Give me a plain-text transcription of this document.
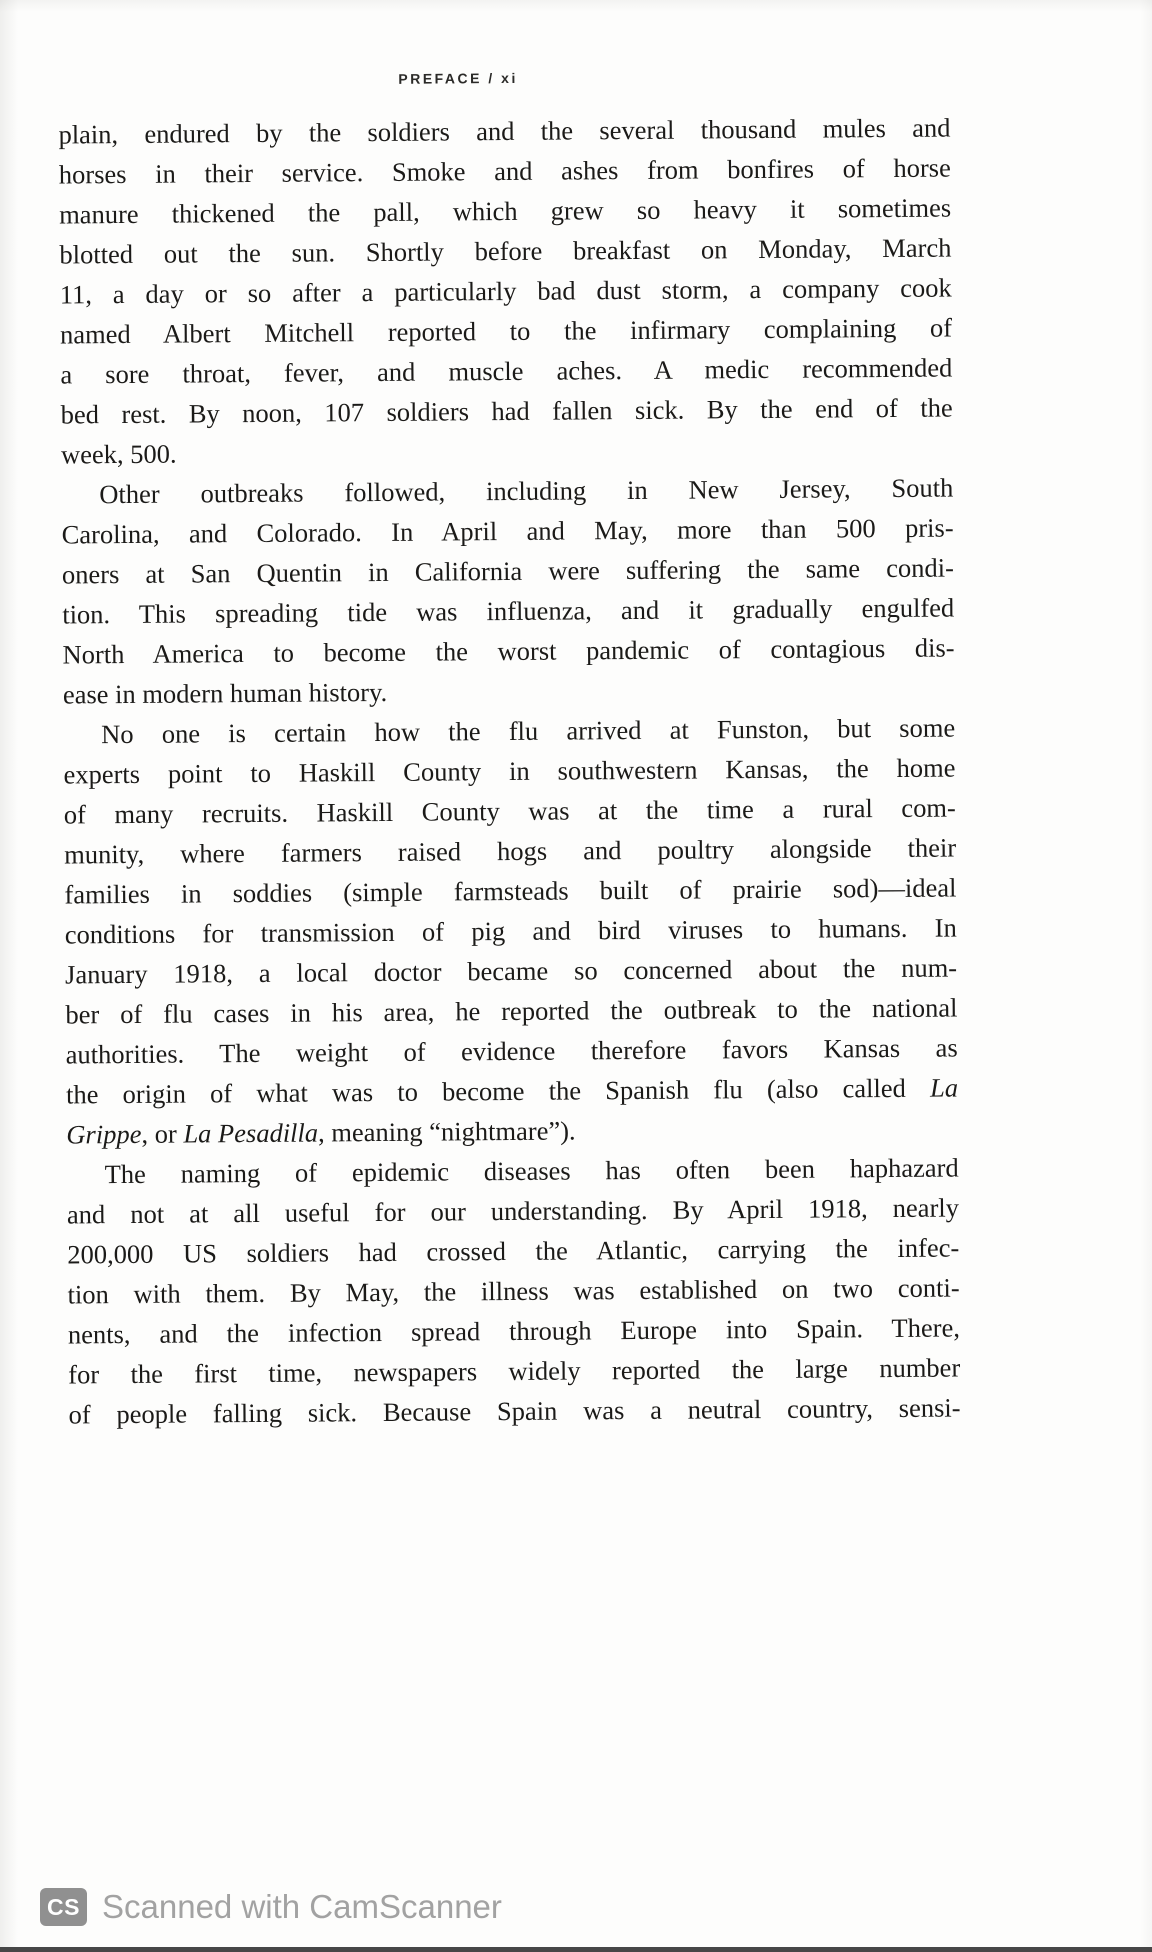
PREFACE / xi
plain, endured by the soldiers and the several thousand mules and
horses in their service. Smoke and ashes from bonfires of horse
manure thickened the pall, which grew so heavy it sometimes
blotted out the sun. Shortly before breakfast on Monday, March
11, a day or so after a particularly bad dust storm, a company cook
named Albert Mitchell reported to the infirmary complaining of
a sore throat, fever, and muscle aches. A medic recommended
bed rest. By noon, 107 soldiers had fallen sick. By the end of the
week, 500.
Other outbreaks followed, including in New Jersey, South
Carolina, and Colorado. In April and May, more than 500 pris-
oners at San Quentin in California were suffering the same condi-
tion. This spreading tide was influenza, and it gradually engulfed
North America to become the worst pandemic of contagious dis-
ease in modern human history.
No one is certain how the flu arrived at Funston, but some
experts point to Haskill County in southwestern Kansas, the home
of many recruits. Haskill County was at the time a rural com-
munity, where farmers raised hogs and poultry alongside their
families in soddies (simple farmsteads built of prairie sod)—ideal
conditions for transmission of pig and bird viruses to humans. In
January 1918, a local doctor became so concerned about the num-
ber of flu cases in his area, he reported the outbreak to the national
authorities. The weight of evidence therefore favors Kansas as
the origin of what was to become the Spanish flu (also called La
Grippe, or La Pesadilla, meaning “nightmare”).
The naming of epidemic diseases has often been haphazard
and not at all useful for our understanding. By April 1918, nearly
200,000 US soldiers had crossed the Atlantic, carrying the infec-
tion with them. By May, the illness was established on two conti-
nents, and the infection spread through Europe into Spain. There,
for the first time, newspapers widely reported the large number
of people falling sick. Because Spain was a neutral country, sensi-
CS Scanned with CamScanner
